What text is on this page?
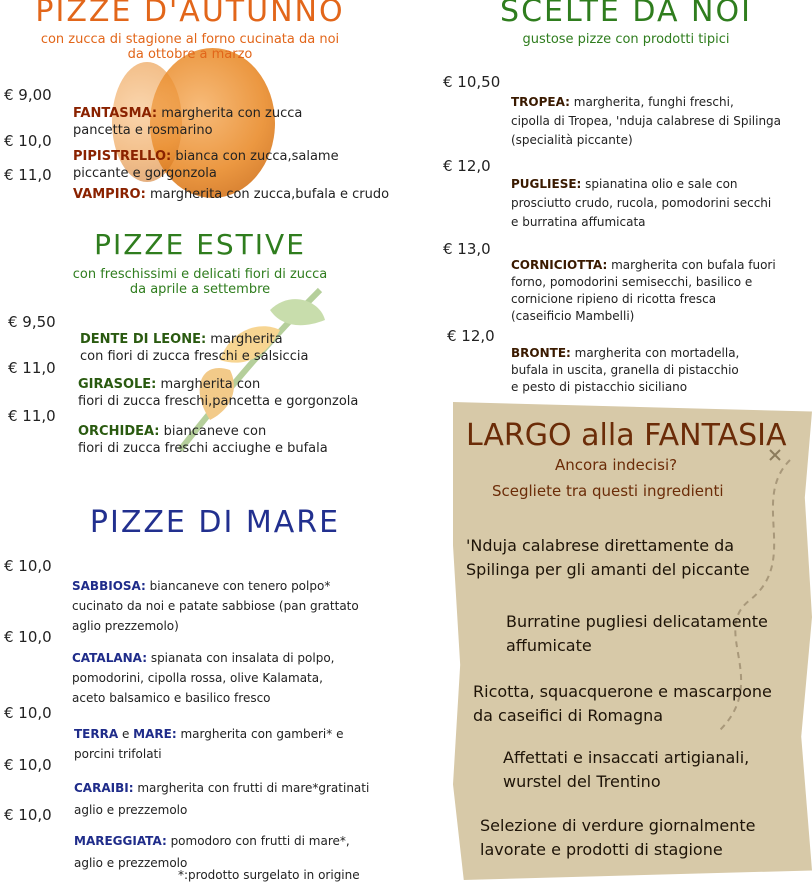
PIZZE D'AUTUNNO
con zucca di stagione al forno cucinata da noi
da ottobre a marzo
€ 9,00

FANTASMA: margherita con zucca
pancetta e rosmarino

€ 10,0

PIPISTRELLO: bianca con zucca,salame
piccante e gorgonzola

€ 11,0

VAMPIRO: margherita con zucca,bufala e crudo

PIZZE ESTIVE
con freschissimi e delicati fiori di zucca
da aprile a settembre
€ 9,50

DENTE DI LEONE: margherita
con fiori di zucca freschi e salsiccia

€ 11,0

GIRASOLE: margherita con
fiori di zucca freschi,pancetta e gorgonzola

€ 11,0

ORCHIDEA: biancaneve con
fiori di zucca freschi acciughe e bufala

PIZZE DI MARE
€ 10,0

SABBIOSA: biancaneve con tenero polpo*
cucinato da noi e patate sabbiose (pan grattato
aglio prezzemolo)

€ 10,0

CATALANA: spianata con insalata di polpo,
pomodorini, cipolla rossa, olive Kalamata,
aceto balsamico e basilico fresco

€ 10,0

TERRA e MARE: margherita con gamberi* e
porcini trifolati

€ 10,0

CARAIBI: margherita con frutti di mare*gratinati
aglio e prezzemolo

€ 10,0

MAREGGIATA: pomodoro con frutti di mare*,
aglio e prezzemolo

*:prodotto surgelato in origine
SCELTE DA NOI
gustose pizze con prodotti tipici
€ 10,50

TROPEA: margherita, funghi freschi,
cipolla di Tropea, 'nduja calabrese di Spilinga
(specialità piccante)

€ 12,0

PUGLIESE: spianatina olio e sale con
prosciutto crudo, rucola, pomodorini secchi
e burratina affumicata

€ 13,0

CORNICIOTTA: margherita con bufala fuori
forno, pomodorini semisecchi, basilico e
cornicione ripieno di ricotta fresca
(caseificio Mambelli)

€ 12,0

BRONTE: margherita con mortadella,
bufala in uscita, granella di pistacchio
e pesto di pistacchio siciliano

LARGO alla FANTASIA
Ancora indecisi?
Sceglietе tra questi ingredienti
'Nduja calabrese direttamente da
Spilinga per gli amanti del piccante
Burratine pugliesi delicatamente
affumicate
Ricotta, squacquerone e mascarpone
da caseifici di Romagna
Affettati e insaccati artigianali,
wurstel del Trentino
Selezione di verdure giornalmente
lavorate e prodotti di stagione
